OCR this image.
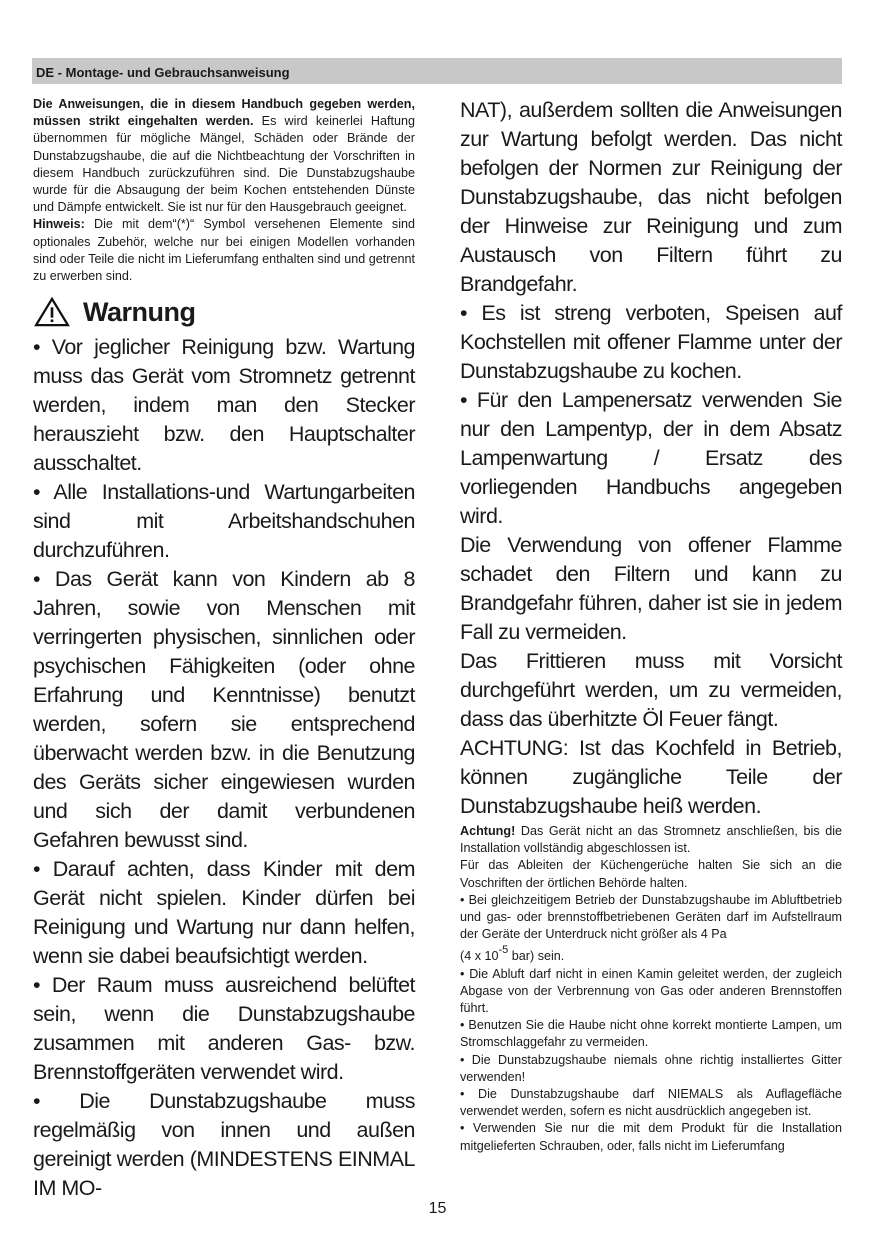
DE - Montage- und Gebrauchsanweisung

Die Anweisungen, die in diesem Handbuch gegeben werden, müssen strikt eingehalten werden. Es wird keinerlei Haftung übernommen für mögliche Mängel, Schäden oder Brände der Dunstabzugshaube, die auf die Nichtbeachtung der Vorschriften in diesem Handbuch zurückzuführen sind. Die Dunstabzugshaube wurde für die Absaugung der beim Kochen entstehenden Dünste und Dämpfe entwickelt. Sie ist nur für den Hausgebrauch geeignet.

Hinweis: Die mit dem“(*)“ Symbol versehenen Elemente sind optionales Zubehör, welche nur bei einigen Modellen vorhanden sind oder Teile die nicht im Lieferumfang enthalten sind und getrennt zu erwerben sind.

Warnung

• Vor jeglicher Reinigung bzw. Wartung muss das Gerät vom Stromnetz getrennt werden, indem man den Stecker herauszieht bzw. den Hauptschalter ausschaltet.

• Alle Installations-und Wartungarbeiten sind mit Arbeitshandschuhen durchzuführen.

• Das Gerät kann von Kindern ab 8 Jahren, sowie von Menschen mit verringerten physischen, sinnlichen oder psychischen Fähigkeiten (oder ohne Erfahrung und Kenntnisse) benutzt werden, sofern sie entsprechend überwacht werden bzw. in die Benutzung des Geräts sicher eingewiesen wurden und sich der damit verbundenen Gefahren bewusst sind.

• Darauf achten, dass Kinder mit dem Gerät nicht spielen. Kinder dürfen bei Reinigung und Wartung nur dann helfen, wenn sie dabei beaufsichtigt werden.

• Der Raum muss ausreichend belüftet sein, wenn die Dunstabzugshaube zusammen mit anderen Gas- bzw. Brennstoffgeräten verwendet wird.

• Die Dunstabzugshaube muss regelmäßig von innen und außen gereinigt werden (MINDESTENS EINMAL IM MO-

NAT), außerdem sollten die Anweisungen zur Wartung befolgt werden. Das nicht befolgen der Normen zur Reinigung der Dunstabzugshaube, das nicht befolgen der Hinweise zur Reinigung und zum Austausch von Filtern führt zu Brandgefahr.

• Es ist streng verboten, Speisen auf Kochstellen mit offener Flamme unter der Dunstabzugshaube zu kochen.

• Für den Lampenersatz verwenden Sie nur den Lampentyp, der in dem Absatz Lampenwartung / Ersatz des vorliegenden Handbuchs angegeben wird.

Die Verwendung von offener Flamme schadet den Filtern und kann zu Brandgefahr führen, daher ist sie in jedem Fall zu vermeiden.

Das Frittieren muss mit Vorsicht durchgeführt werden, um zu vermeiden, dass das überhitzte Öl Feuer fängt.

ACHTUNG: Ist das Kochfeld in Betrieb, können zugängliche Teile der Dunstabzugshaube heiß werden.

Achtung! Das Gerät nicht an das Stromnetz anschließen, bis die Installation vollständig abgeschlossen ist.

Für das Ableiten der Küchengerüche halten Sie sich an die Voschriften der örtlichen Behörde halten.

• Bei gleichzeitigem Betrieb der Dunstabzugshaube im Abluftbetrieb und gas- oder brennstoffbetriebenen Geräten darf im Aufstellraum der Geräte der Unterdruck nicht größer als 4 Pa

(4 x 10-5 bar) sein.

• Die Abluft darf nicht in einen Kamin geleitet werden, der zugleich Abgase von der Verbrennung von Gas oder anderen Brennstoffen führt.

• Benutzen Sie die Haube nicht ohne korrekt montierte Lampen, um Stromschlaggefahr zu vermeiden.

• Die Dunstabzugshaube niemals ohne richtig installiertes Gitter verwenden!

• Die Dunstabzugshaube darf NIEMALS als Auflagefläche verwendet werden, sofern es nicht ausdrücklich angegeben ist.

• Verwenden Sie nur die mit dem Produkt für die Installation mitgelieferten Schrauben, oder, falls nicht im Lieferumfang

15
